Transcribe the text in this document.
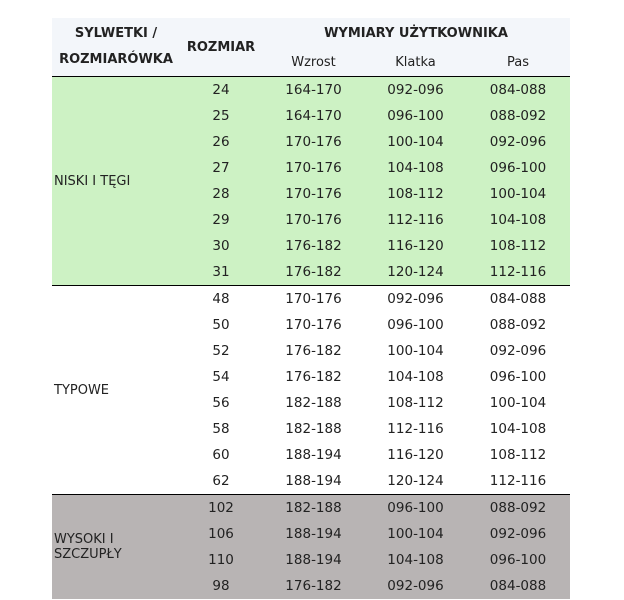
SYLWETKI /
ROZMIARÓWKA	ROZMIAR	WYMIARY UŻYTKOWNIKA		
		Wzrost	Klatka	Pas
NISKI I TĘGI	24	164-170	092-096	084-088
	25	164-170	096-100	088-092
	26	170-176	100-104	092-096
	27	170-176	104-108	096-100
	28	170-176	108-112	100-104
	29	170-176	112-116	104-108
	30	176-182	116-120	108-112
	31	176-182	120-124	112-116
TYPOWE	48	170-176	092-096	084-088
	50	170-176	096-100	088-092
	52	176-182	100-104	092-096
	54	176-182	104-108	096-100
	56	182-188	108-112	100-104
	58	182-188	112-116	104-108
	60	188-194	116-120	108-112
	62	188-194	120-124	112-116
WYSOKI I SZCZUPŁY	102	182-188	096-100	088-092
	106	188-194	100-104	092-096
	110	188-194	104-108	096-100
	98	176-182	092-096	084-088
